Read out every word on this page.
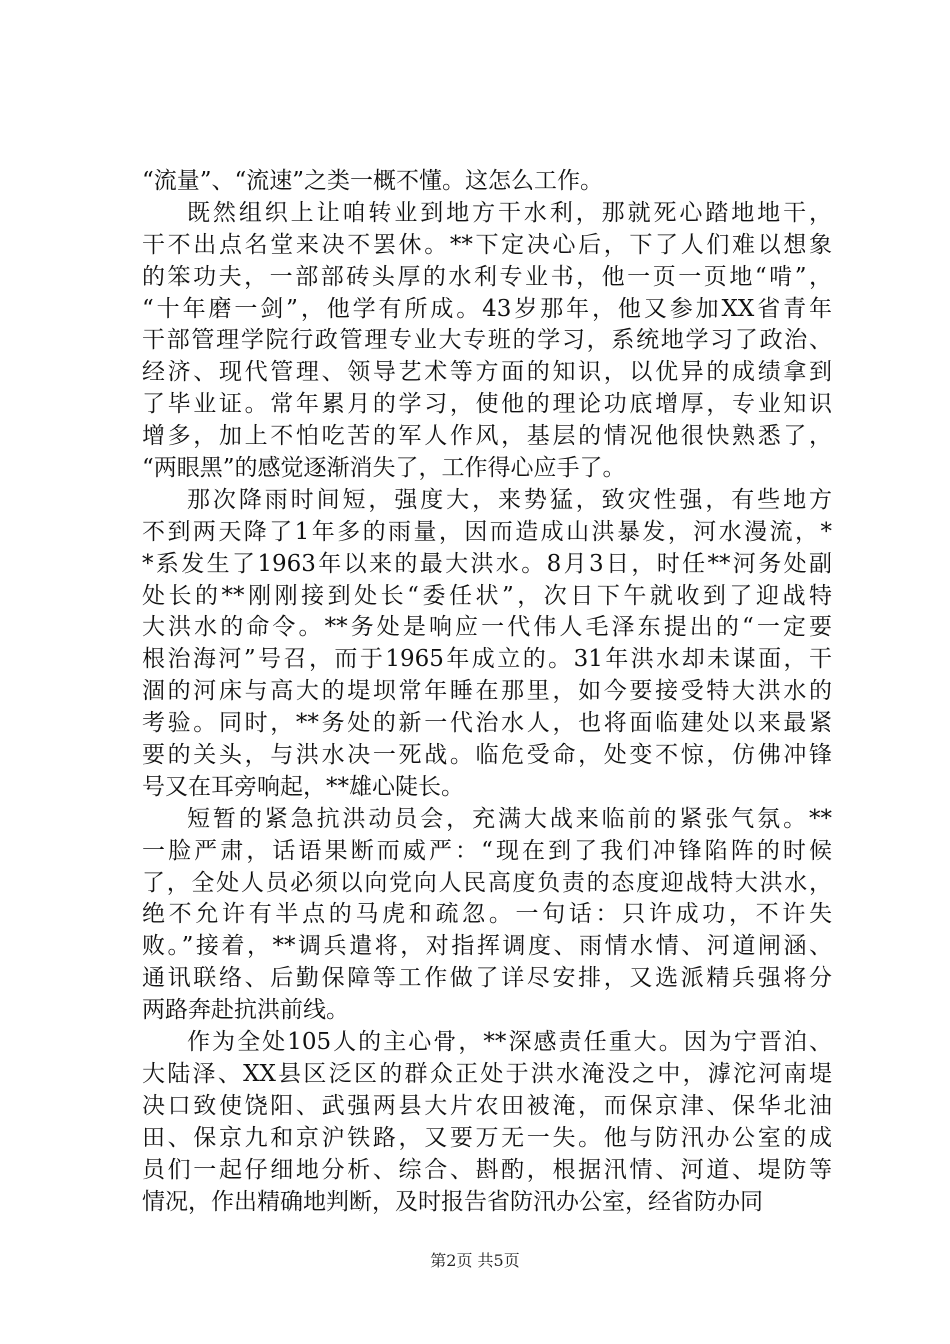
“流量”、“流速”之类一概不懂。这怎么工作。
既然组织上让咱转业到地方干水利，那就死心踏地地干，
干不出点名堂来决不罢休。**下定决心后，下了人们难以想象
的笨功夫，一部部砖头厚的水利专业书，他一页一页地“啃”，
“十年磨一剑”，他学有所成。43岁那年，他又参加XX省青年
干部管理学院行政管理专业大专班的学习，系统地学习了政治、
经济、现代管理、领导艺术等方面的知识，以优异的成绩拿到
了毕业证。常年累月的学习，使他的理论功底增厚，专业知识
增多，加上不怕吃苦的军人作风，基层的情况他很快熟悉了，
“两眼黑”的感觉逐渐消失了，工作得心应手了。
那次降雨时间短，强度大，来势猛，致灾性强，有些地方
不到两天降了1年多的雨量，因而造成山洪暴发，河水漫流，*
*系发生了1963年以来的最大洪水。8月3日，时任**河务处副
处长的**刚刚接到处长“委任状”，次日下午就收到了迎战特
大洪水的命令。**务处是响应一代伟人毛泽东提出的“一定要
根治海河”号召，而于1965年成立的。31年洪水却未谋面，干
涸的河床与高大的堤坝常年睡在那里，如今要接受特大洪水的
考验。同时，**务处的新一代治水人，也将面临建处以来最紧
要的关头，与洪水决一死战。临危受命，处变不惊，仿佛冲锋
号又在耳旁响起，**雄心陡长。
短暂的紧急抗洪动员会，充满大战来临前的紧张气氛。**
一脸严肃，话语果断而威严：“现在到了我们冲锋陷阵的时候
了，全处人员必须以向党向人民高度负责的态度迎战特大洪水，
绝不允许有半点的马虎和疏忽。一句话：只许成功，不许失
败。”接着，**调兵遣将，对指挥调度、雨情水情、河道闸涵、
通讯联络、后勤保障等工作做了详尽安排，又选派精兵强将分
两路奔赴抗洪前线。
作为全处105人的主心骨，**深感责任重大。因为宁晋泊、
大陆泽、XX县区泛区的群众正处于洪水淹没之中，滹沱河南堤
决口致使饶阳、武强两县大片农田被淹，而保京津、保华北油
田、保京九和京沪铁路，又要万无一失。他与防汛办公室的成
员们一起仔细地分析、综合、斟酌，根据汛情、河道、堤防等
情况，作出精确地判断，及时报告省防汛办公室，经省防办同
第2页 共5页
